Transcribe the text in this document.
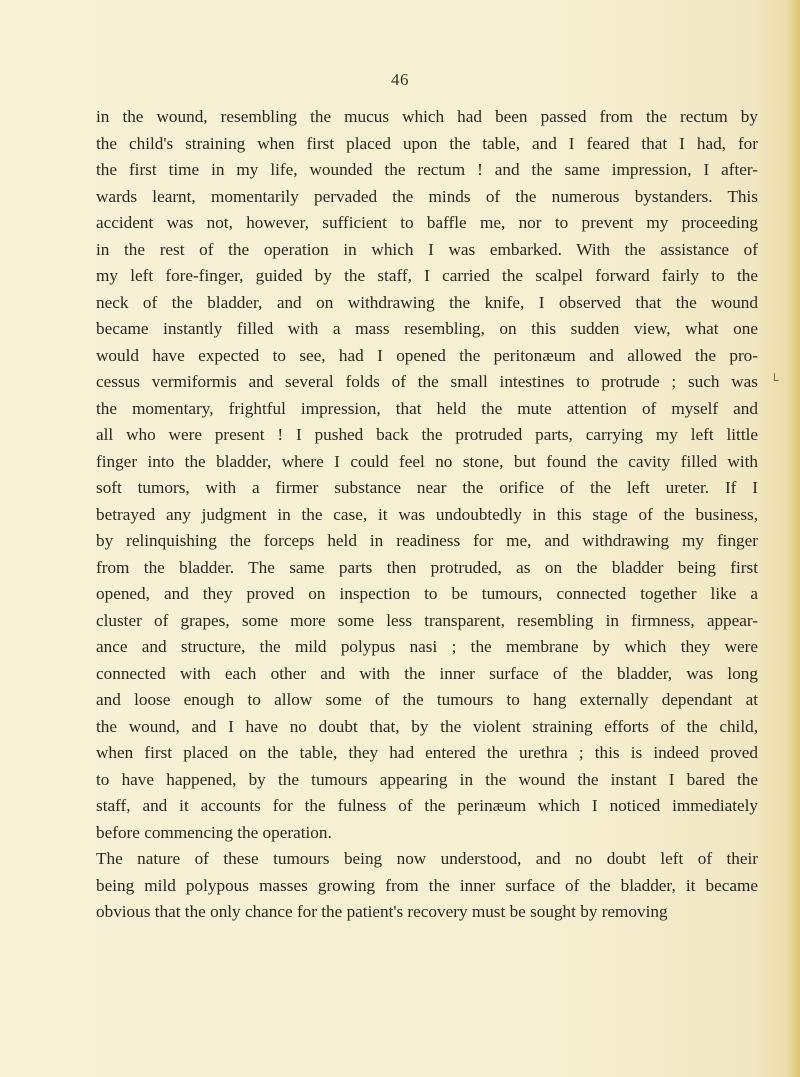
46
in the wound, resembling the mucus which had been passed from the rectum by
the child's straining when first placed upon the table, and I feared that I had, for
the first time in my life, wounded the rectum ! and the same impression, I after-
wards learnt, momentarily pervaded the minds of the numerous bystanders. This
accident was not, however, sufficient to baffle me, nor to prevent my proceeding
in the rest of the operation in which I was embarked. With the assistance of
my left fore-finger, guided by the staff, I carried the scalpel forward fairly to the
neck of the bladder, and on withdrawing the knife, I observed that the wound
became instantly filled with a mass resembling, on this sudden view, what one
would have expected to see, had I opened the peritonæum and allowed the pro-
cessus vermiformis and several folds of the small intestines to protrude ; such was
the momentary, frightful impression, that held the mute attention of myself and
all who were present ! I pushed back the protruded parts, carrying my left little
finger into the bladder, where I could feel no stone, but found the cavity filled with
soft tumors, with a firmer substance near the orifice of the left ureter. If I
betrayed any judgment in the case, it was undoubtedly in this stage of the business,
by relinquishing the forceps held in readiness for me, and withdrawing my finger
from the bladder. The same parts then protruded, as on the bladder being first
opened, and they proved on inspection to be tumours, connected together like a
cluster of grapes, some more some less transparent, resembling in firmness, appear-
ance and structure, the mild polypus nasi ; the membrane by which they were
connected with each other and with the inner surface of the bladder, was long
and loose enough to allow some of the tumours to hang externally dependant at
the wound, and I have no doubt that, by the violent straining efforts of the child,
when first placed on the table, they had entered the urethra ; this is indeed proved
to have happened, by the tumours appearing in the wound the instant I bared the
staff, and it accounts for the fulness of the perinæum which I noticed immediately
before commencing the operation.
The nature of these tumours being now understood, and no doubt left of their
being mild polypous masses growing from the inner surface of the bladder, it became
obvious that the only chance for the patient's recovery must be sought by removing
└
